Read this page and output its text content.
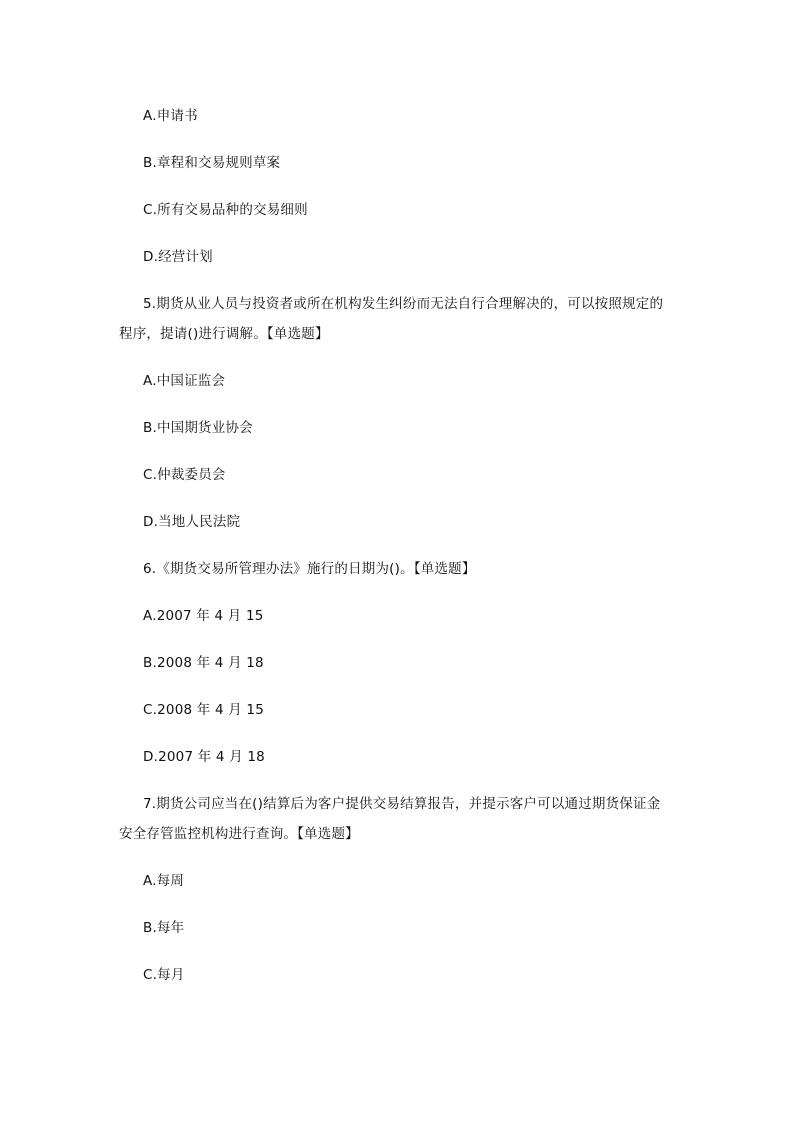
A.申请书
B.章程和交易规则草案
C.所有交易品种的交易细则
D.经营计划
5.期货从业人员与投资者或所在机构发生纠纷而无法自行合理解决的，可以按照规定的
程序，提请()进行调解。【单选题】
A.中国证监会
B.中国期货业协会
C.仲裁委员会
D.当地人民法院
6.《期货交易所管理办法》施行的日期为()。【单选题】
A.2007 年 4 月 15
B.2008 年 4 月 18
C.2008 年 4 月 15
D.2007 年 4 月 18
7.期货公司应当在()结算后为客户提供交易结算报告，并提示客户可以通过期货保证金
安全存管监控机构进行查询。【单选题】
A.每周
B.每年
C.每月
